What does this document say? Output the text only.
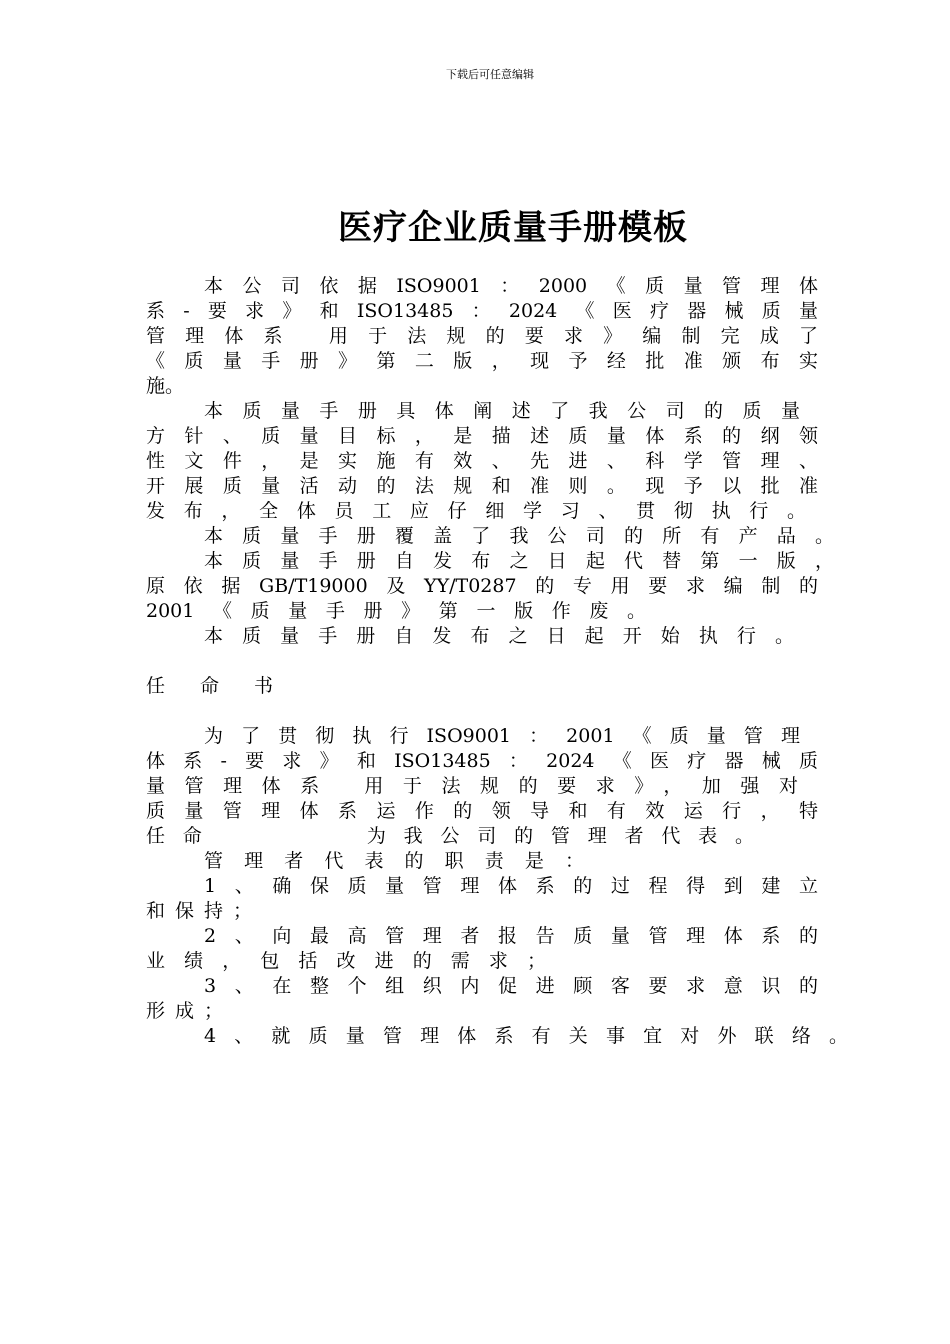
下载后可任意编辑
医疗企业质量手册模板
本公司依据ISO9001：2000《质量管理体
系-要求》和ISO13485：2024《医疗器械质量
管理体系 用于法规的要求》编制完成了
《质量手册》第二版，现予经批准颁布实
施。
本质量手册具体阐述了我公司的质量
方针、质量目标，是描述质量体系的纲领
性文件，是实施有效、先进、科学管理、
开展质量活动的法规和准则。现予以批准
发布，全体员工应仔细学习、贯彻执行。
本质量手册覆盖了我公司的所有产品。
本质量手册自发布之日起代替第一版，
原依据GB/T19000及YY/T0287的专用要求编制的
2001《质量手册》第一版作废。
本质量手册自发布之日起开始执行。
任　命　书
为了贯彻执行ISO9001：2001《质量管理
体系-要求》和ISO13485：2024《医疗器械质
量管理体系 用于法规的要求》，加强对
质量管理体系运作的领导和有效运行，特
任命　　　　为我公司的管理者代表。
管理者代表的职责是：
1、确保质量管理体系的过程得到建立
和保持；
2、向最高管理者报告质量管理体系的
业绩，包括改进的需求；
3、在整个组织内促进顾客要求意识的
形成；
4、就质量管理体系有关事宜对外联络。
